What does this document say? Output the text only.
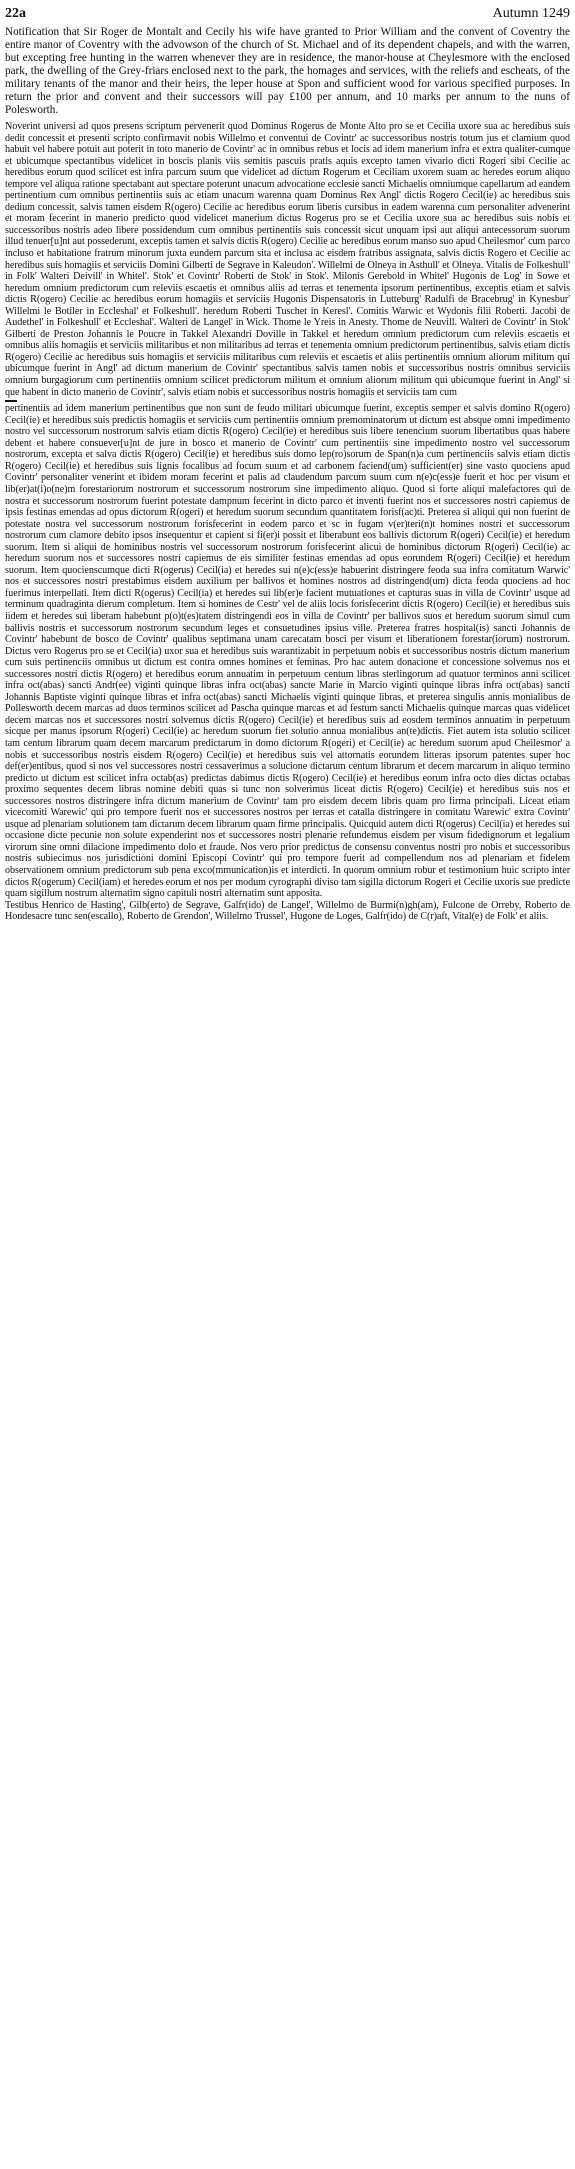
22a	Autumn 1249

Notification that Sir Roger de Montalt and Cecily his wife have granted to Prior William and the convent of Coventry the entire manor of Coventry with the advowson of the church of St. Michael and of its dependent chapels, and with the warren, but excepting free hunting in the warren whenever they are in residence, the manor-house at Cheylesmore with the enclosed park, the dwelling of the Grey-friars enclosed next to the park, the homages and services, with the reliefs and escheats, of the military tenants of the manor and their heirs, the leper house at Spon and sufficient wood for various specified purposes. In return the prior and convent and their successors will pay £100 per annum, and 10 marks per annum to the nuns of Polesworth.

Noverint universi ad quos presens scriptum pervenerit quod Dominus Rogerus de Monte Alto pro se et Cecilia uxore sua ac heredibus suis dedit concessit et presenti scripto confirmavit nobis Willelmo et conventui de Covintr' ac successoribus nostris totum jus et clamium quod habuit vel habere potuit aut poterit in toto manerio de Covintr' ac in omnibus rebus et locis ad idem manerium infra et extra qualiter-cumque et ubicumque spectantibus videlicet in boscis planis viis semitis pascuis pratis aquis excepto tamen vivario dicti Rogeri sibi Cecilie ac heredibus eorum quod scilicet est infra parcum suum que videlicet ad dictum Rogerum et Ceciliam uxorem suam ac heredes eorum aliquo tempore vel aliqua ratione spectabant aut spectare poterunt unacum advocatione ecclesie sancti Michaelis omniumque capellarum ad eandem pertinentium cum omnibus pertinentiis suis ac etiam unacum warenna quam Dominus Rex Angl' dictis Rogero Cecil(ie) ac heredibus suis dedium concessit, salvis tamen eisdem R(ogero) Cecilie ac heredibus eorum liberis cursibus in eadem warenna cum personaliter advenerint et moram fecerint in manerio predicto quod videlicet manerium dictus Rogerus pro se et Cecilia uxore sua ac heredibus suis nobis et successoribus nostris adeo libere possidendum cum omnibus pertinentiis suis concessit sicut unquam ipsi aut aliqui antecessorum suorum illud tenuer[u]nt aut possederunt, exceptis tamen et salvis dictis R(ogero) Cecilie ac heredibus eorum manso suo apud Cheilesmor' cum parco incluso et habitatione fratrum minorum juxta eundem parcum sita et inclusa ac eisdem fratribus assignata, salvis dictis Rogero et Cecilie ac heredibus suis homagiis et serviciis Domini Gilberti de Segrave in Kaleudon'. Willelmi de Olneya in Asthull' et Olneya. Vitalis de Folkeshull' in Folk' Walteri Deivill' in Whitel'. Stok' et Covintr' Roberti de Stok' in Stok'. Milonis Gerebold in Whitel' Hugonis de Log' in Sowe et heredum omnium predictorum cum releviis escaetis et omnibus aliis ad terras et tenementa ipsorum pertinentibus, exceptis etiam et salvis dictis R(ogero) Cecilie ac heredibus eorum homagiis et serviciis Hugonis Dispensatoris in Lutteburg' Radulfi de Bracebrug' in Kynesbur' Willelmi le Botiler in Eccleshal' et Folkeshull'. heredum Roberti Tuschet in Keresl'. Comitis Warwic et Wydonis filii Roberti. Jacobi de Audethel' in Folkeshull' et Eccleshal'. Walteri de Langel' in Wick. Thome le Yreis in Anesty. Thome de Neuvill. Walteri de Covintr' in Stok' Gilberti de Preston Johannis le Poucre in Takkel Alexandri Doville in Takkel et heredum omnium predictorum cum releviis escaetis et omnibus aliis homagiis et serviciis militaribus et non militaribus ad terras et tenementa omnium predictorum pertinentibus, salvis etiam dictis R(ogero) Cecilie ac heredibus suis homagiis et serviciis militaribus cum releviis et escaetis et aliis pertinentiis omnium aliorum militum qui ubicumque fuerint in Angl' ad dictum manerium de Covintr' spectantibus salvis tamen nobis et successoribus nostris omnibus serviciis omnium burgagiorum cum pertinentiis omnium scilicet predictorum militum et omnium aliorum militum qui ubicumque fuerint in Angl' si que habent in dicto manerio de Covintr', salvis etiam nobis et successoribus nostris homagiis et serviciis tam cum

pertinentiis ad idem manerium pertinentibus que non sunt de feudo militari ubicumque fuerint, exceptis semper et salvis domino R(ogero) Cecil(ie) et heredibus suis predictis homagiis et serviciis cum pertinentiis omnium premominatorum ut dictum est absque omni impedimento nostro vel successorum nostrorum salvis etiam dictis R(ogero) Cecil(ie) et heredibus suis libere tenencium suorum libertatibus quas habere debent et habere consuever[u]nt de jure in bosco et manerio de Covintr' cum pertinentiis sine impedimento nostro vel successorum nostrorum, excepta et salva dictis R(ogero) Cecil(ie) et heredibus suis domo lep(ro)sorum de Span(n)a cum pertinenciis salvis etiam dictis R(ogero) Cecil(ie) et heredibus suis lignis focalibus ad focum suum et ad carbonem faciend(um) sufficient(er) sine vasto quociens apud Covintr' personaliter venerint et ibidem moram fecerint et palis ad claudendum parcum suum cum n(e)c(ess)e fuerit et hoc per visum et lib(er)at(i)o(ne)m forestariorum nostrorum et successorum nostrorum sine impedimento aliquo. Quod si forte aliqui malefactores qui de nostra et successorum nostrorum fuerint potestate dampnum fecerint in dicto parco et inventi fuerint nos et successores nostri capiemus de ipsis festinas emendas ad opus dictorum R(ogeri) et heredum suorum secundum quantitatem forisf(ac)ti. Preterea si aliqui qui non fuerint de potestate nostra vel successorum nostrorum forisfecerint in eodem parco et sc in fugam v(er)teri(n)t homines nostri et successorum nostrorum cum clamore debito ipsos insequentur et capient si fi(er)i possit et liberabunt eos ballivis dictorum R(ogeri) Cecil(ie) et heredum suorum. Item si aliqui de hominibus nostris vel successorum nostrorum forisfecerint alicui de hominibus dictorum R(ogeri) Cecil(ie) ac heredum suorum nos et successores nostri capiemus de eis similiter festinas emendas ad opus eorundem R(ogeri) Cecil(ie) et heredum suorum. Item quocienscumque dicti R(ogerus) Cecil(ia) et heredes sui n(e)c(ess)e habuerint distringere feoda sua infra comitatum Warwic' nos et successores nostri prestabimus eisdem auxilium per ballivos et homines nostros ad distringend(um) dicta feoda quociens ad hoc fuerimus interpellati. Item dicti R(ogerus) Cecil(ia) et heredes sui lib(er)e facient mutuationes et capturas suas in villa de Covintr' usque ad terminum quadraginta dierum completum. Item si homines de Cestr' vel de aliis locis forisfecerint dictis R(ogero) Cecil(ie) et heredibus suis iidem et heredes sui liberam habebunt p(o)t(es)tatem distringendi eos in villa de Covintr' per ballivos suos et heredum suorum simul cum ballivis nostris et successorum nostrorum secundum leges et consuetudines ipsius ville. Preterea fratres hospital(is) sancti Johannis de Covintr' habebunt de bosco de Covintr' qualibus septimana unam carecatam bosci per visum et liberationem forestar(iorum) nostrorum. Dictus vero Rogerus pro se et Cecil(ia) uxor sua et heredibus suis warantizabit in perpetuum nobis et successoribus nostris dictum manerium cum suis pertinenciis omnibus ut dictum est contra omnes homines et feminas. Pro hac autem donacione et concessione solvemus nos et successores nostri dictis R(ogero) et heredibus eorum annuatim in perpetuum centum libras sterlingorum ad quatuor terminos anni scilicet infra oct(abas) sancti Andr(ee) viginti quinque libras infra oct(abas) sancte Marie in Marcio viginti quinque libras infra oct(abas) sancti Johannis Baptiste viginti quinque libras et infra oct(abas) sancti Michaelis viginti quinque libras, et preterea singulis annis monialibus de Pollesworth decem marcas ad duos terminos scilicet ad Pascha quinque marcas et ad festum sancti Michaelis quinque marcas quas videlicet decem marcas nos et successores nostri solvemus dictis R(ogero) Cecil(ie) et heredibus suis ad eosdem terminos annuatim in perpetuum sicque per manus ipsorum R(ogeri) Cecil(ie) ac heredum suorum fiet solutio annua monialibus an(te)dictis. Fiet autem ista solutio scilicet tam centum librarum quam decem marcarum predictarum in domo dictorum R(ogeri) et Cecil(ie) ac heredum suorum apud Cheilesmor' a nobis et successoribus nostris eisdem R(ogero) Cecil(ie) et heredibus suis vel attornatis eorundem litteras ipsorum patentes super hoc def(er)entibus, quod si nos vel successores nostri cessaverimus a solucione dictarum centum librarum et decem marcarum in aliquo termino predicto ut dictum est scilicet infra octab(as) predictas dabimus dictis R(ogero) Cecil(ie) et heredibus eorum infra octo dies dictas octabas proximo sequentes decem libras nomine debiti quas si tunc non solverimus liceat dictis R(ogero) Cecil(ie) et heredibus suis nos et successores nostros distringere infra dictum manerium de Covintr' tam pro eisdem decem libris quam pro firma principali. Liceat etiam vicecomiti Warewic' qui pro tempore fuerit nos et successores nostros per terras et catalla distringere in comitatu Warewic' extra Covintr' usque ad plenariam solutionem tam dictarum decem librarum quam firme principalis. Quicquid autem dicti R(ogerus) Cecil(ia) et heredes sui occasione dicte pecunie non solute expenderint nos et successores nostri plenarie refundemus eisdem per visum fidedignorum et legalium virorum sine omni dilacione impedimento dolo et fraude. Nos vero prior predictus de consensu conventus nostri pro nobis et successoribus nostris subiecimus nos jurisdictioni domini Episcopi Covintr' qui pro tempore fuerit ad compellendum nos ad plenariam et fidelem observationem omnium predictorum sub pena exco(mmunication)is et interdicti. In quorum omnium robur et testimonium huic scripto inter dictos R(ogerum) Cecil(iam) et heredes eorum et nos per modum cyrographi diviso tam sigilla dictorum Rogeri et Cecilie uxoris sue predicte quam sigillum nostrum alternatim signo capituli nostri alternatim sunt apposita.

Testibus Henrico de Hasting', Gilb(erto) de Segrave, Galfr(ido) de Langel', Willelmo de Burmi(n)gh(am), Fulcone de Orreby, Roberto de Hondesacre tunc sen(escallo), Roberto de Grendon', Willelmo Trussel', Hugone de Loges, Galfr(ido) de C(r)aft, Vital(e) de Folk' et aliis.
